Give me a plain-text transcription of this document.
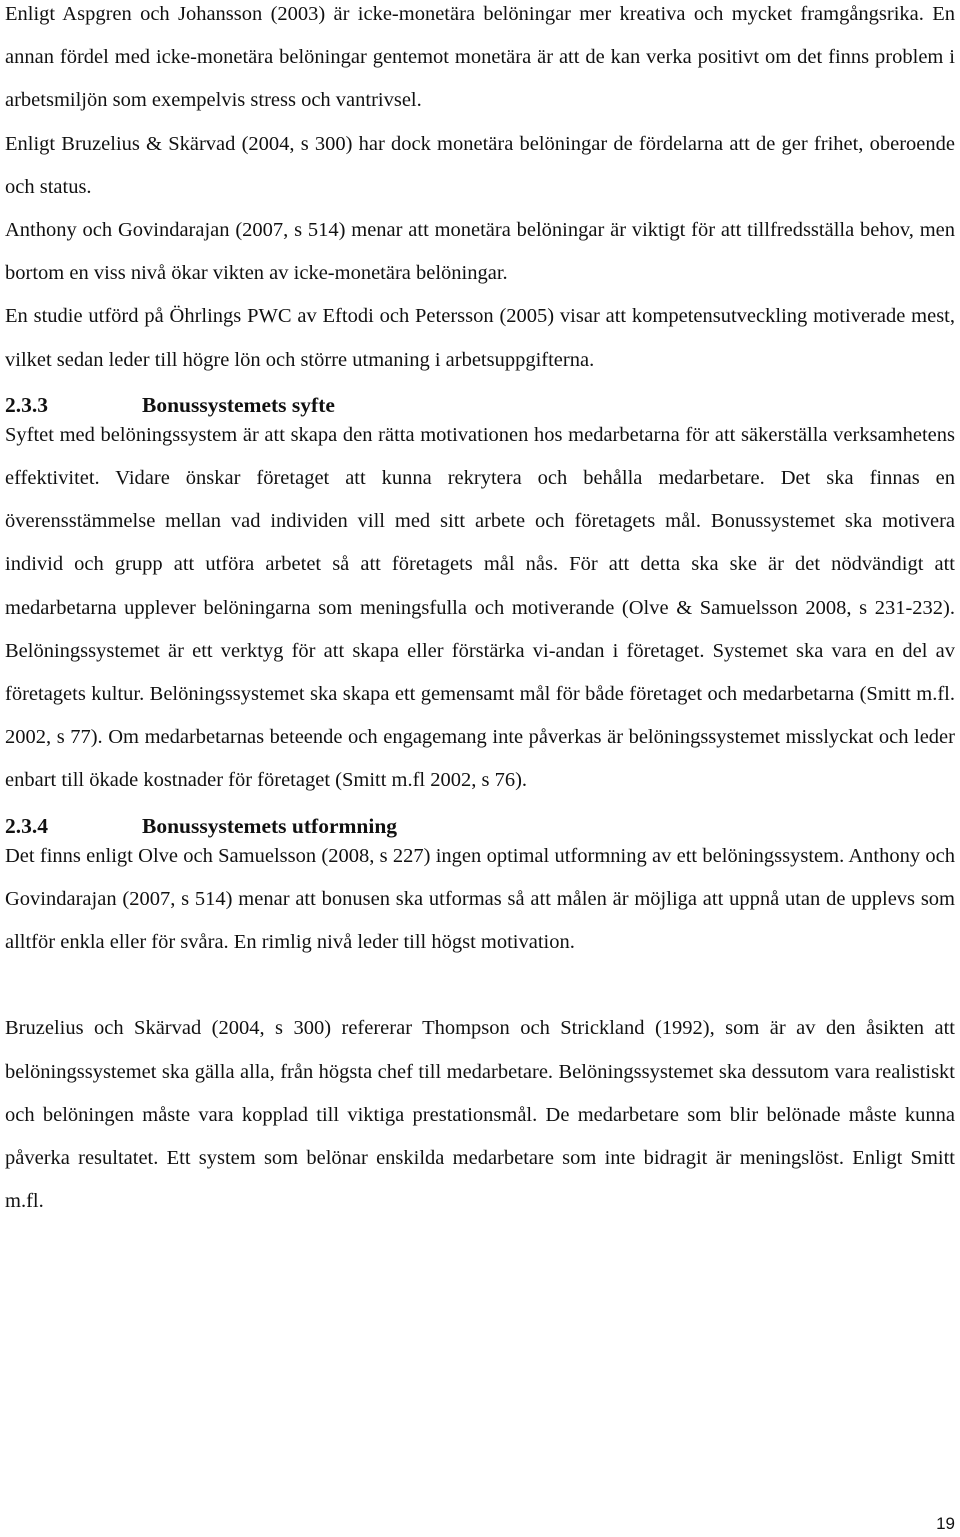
Enligt Aspgren och Johansson (2003) är icke-monetära belöningar mer kreativa och mycket framgångsrika. En annan fördel med icke-monetära belöningar gentemot monetära är att de kan verka positivt om det finns problem i arbetsmiljön som exempelvis stress och vantrivsel.

Enligt Bruzelius & Skärvad (2004, s 300) har dock monetära belöningar de fördelarna att de ger frihet, oberoende och status.

Anthony och Govindarajan (2007, s 514) menar att monetära belöningar är viktigt för att tillfredsställa behov, men bortom en viss nivå ökar vikten av icke-monetära belöningar.

En studie utförd på Öhrlings PWC av Eftodi och Petersson (2005) visar att kompetensutveckling motiverade mest, vilket sedan leder till högre lön och större utmaning i arbetsuppgifterna.

2.3.3	Bonussystemets syfte

Syftet med belöningssystem är att skapa den rätta motivationen hos medarbetarna för att säkerställa verksamhetens effektivitet. Vidare önskar företaget att kunna rekrytera och behålla medarbetare. Det ska finnas en överensstämmelse mellan vad individen vill med sitt arbete och företagets mål. Bonussystemet ska motivera individ och grupp att utföra arbetet så att företagets mål nås. För att detta ska ske är det nödvändigt att medarbetarna upplever belöningarna som meningsfulla och motiverande (Olve & Samuelsson 2008, s 231-232). Belöningssystemet är ett verktyg för att skapa eller förstärka vi-andan i företaget. Systemet ska vara en del av företagets kultur. Belöningssystemet ska skapa ett gemensamt mål för både företaget och medarbetarna (Smitt m.fl. 2002, s 77). Om medarbetarnas beteende och engagemang inte påverkas är belöningssystemet misslyckat och leder enbart till ökade kostnader för företaget (Smitt m.fl 2002, s 76).

2.3.4	Bonussystemets utformning

Det finns enligt Olve och Samuelsson (2008, s 227) ingen optimal utformning av ett belöningssystem. Anthony och Govindarajan (2007, s 514) menar att bonusen ska utformas så att målen är möjliga att uppnå utan de upplevs som alltför enkla eller för svåra. En rimlig nivå leder till högst motivation.

Bruzelius och Skärvad (2004, s 300) refererar Thompson och Strickland (1992), som är av den åsikten att belöningssystemet ska gälla alla, från högsta chef till medarbetare. Belöningssystemet ska dessutom vara realistiskt och belöningen måste vara kopplad till viktiga prestationsmål. De medarbetare som blir belönade måste kunna påverka resultatet. Ett system som belönar enskilda medarbetare som inte bidragit är meningslöst. Enligt Smitt m.fl.

19
